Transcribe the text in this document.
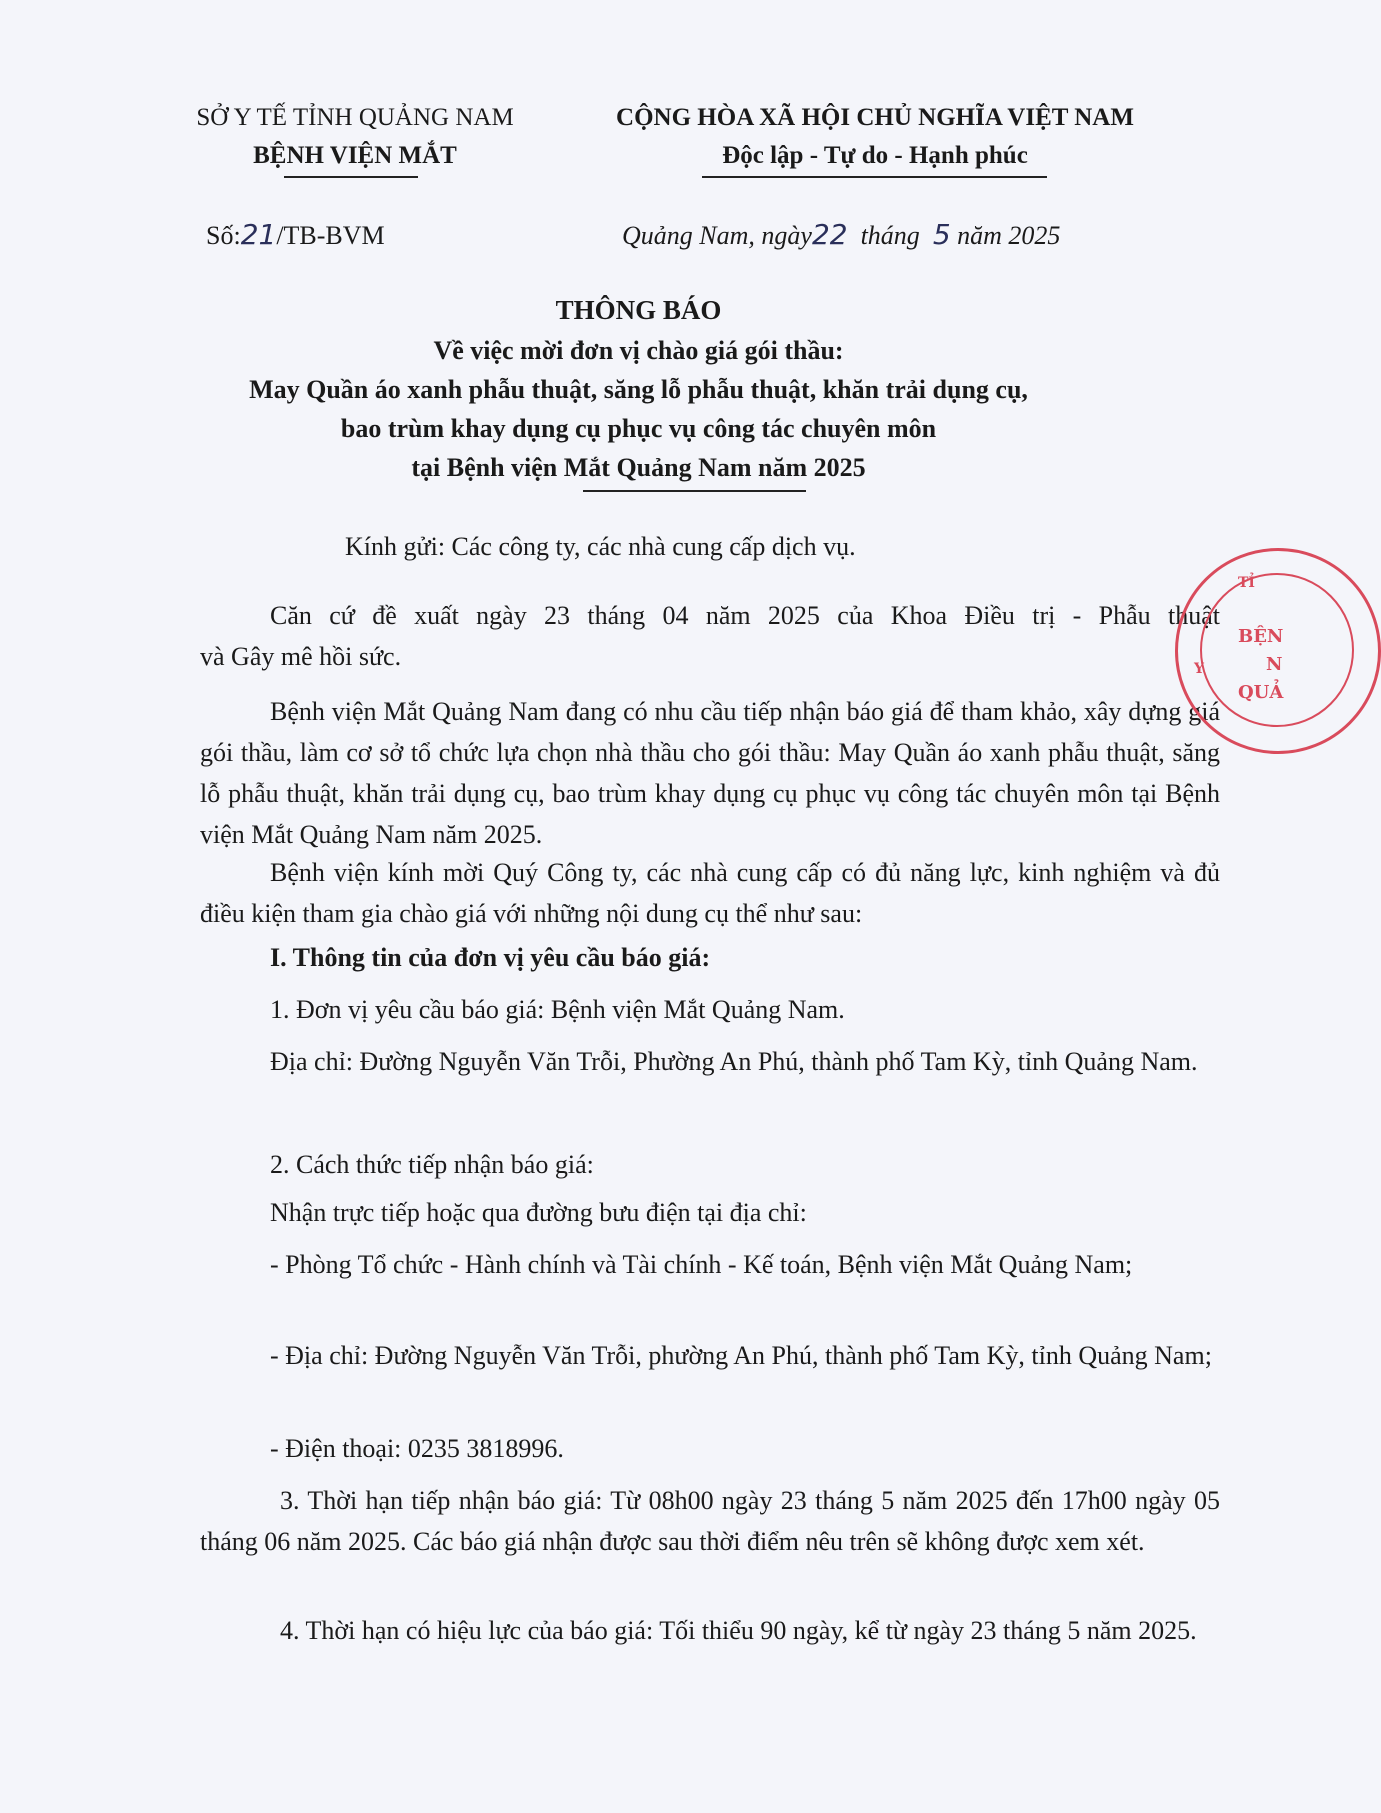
SỞ Y TẾ TỈNH QUẢNG NAM
BỆNH VIỆN MẮT
CỘNG HÒA XÃ HỘI CHỦ NGHĨA VIỆT NAM
Độc lập - Tự do - Hạnh phúc
Số:21/TB-BVM	Quảng Nam, ngày22 tháng 5 năm 2025
THÔNG BÁO
Về việc mời đơn vị chào giá gói thầu:
May Quần áo xanh phẫu thuật, săng lỗ phẫu thuật, khăn trải dụng cụ,
bao trùm khay dụng cụ phục vụ công tác chuyên môn
tại Bệnh viện Mắt Quảng Nam năm 2025
Kính gửi: Các công ty, các nhà cung cấp dịch vụ.
Căn cứ đề xuất ngày 23 tháng 04 năm 2025 của Khoa Điều trị - Phẫu thuật
và Gây mê hồi sức.
Bệnh viện Mắt Quảng Nam đang có nhu cầu tiếp nhận báo giá để tham khảo, xây dựng giá gói thầu, làm cơ sở tổ chức lựa chọn nhà thầu cho gói thầu: May Quần áo xanh phẫu thuật, săng lỗ phẫu thuật, khăn trải dụng cụ, bao trùm khay dụng cụ phục vụ công tác chuyên môn tại Bệnh viện Mắt Quảng Nam năm 2025.
Bệnh viện kính mời Quý Công ty, các nhà cung cấp có đủ năng lực, kinh nghiệm và đủ điều kiện tham gia chào giá với những nội dung cụ thể như sau:
I. Thông tin của đơn vị yêu cầu báo giá:
1. Đơn vị yêu cầu báo giá: Bệnh viện Mắt Quảng Nam.
Địa chỉ: Đường Nguyễn Văn Trỗi, Phường An Phú, thành phố Tam Kỳ, tỉnh Quảng Nam.
2. Cách thức tiếp nhận báo giá:
Nhận trực tiếp hoặc qua đường bưu điện tại địa chỉ:
- Phòng Tổ chức - Hành chính và Tài chính - Kế toán, Bệnh viện Mắt Quảng Nam;
- Địa chỉ: Đường Nguyễn Văn Trỗi, phường An Phú, thành phố Tam Kỳ, tỉnh Quảng Nam;
- Điện thoại: 0235 3818996.
3. Thời hạn tiếp nhận báo giá: Từ 08h00 ngày 23 tháng 5 năm 2025 đến 17h00 ngày 05 tháng 06 năm 2025. Các báo giá nhận được sau thời điểm nêu trên sẽ không được xem xét.
4. Thời hạn có hiệu lực của báo giá: Tối thiểu 90 ngày, kể từ ngày 23 tháng 5 năm 2025.
BỆN
N
QUẢ
TỈ
Y
